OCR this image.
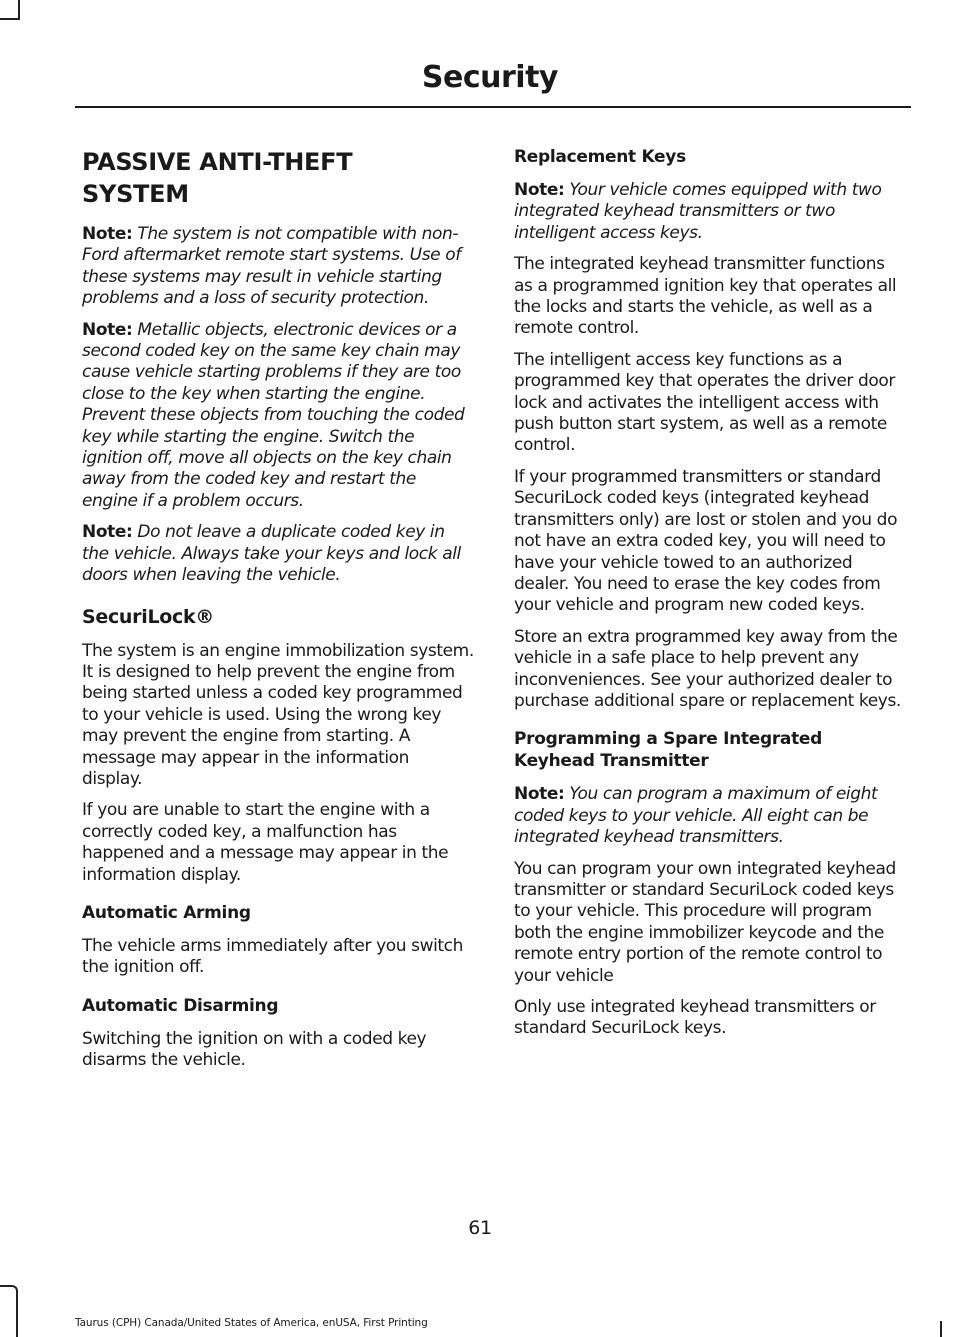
Security
PASSIVE ANTI-THEFT
SYSTEM

Note: The system is not compatible with non-Ford aftermarket remote start systems. Use of these systems may result in vehicle starting problems and a loss of security protection.

Note: Metallic objects, electronic devices or a second coded key on the same key chain may cause vehicle starting problems if they are too close to the key when starting the engine. Prevent these objects from touching the coded key while starting the engine. Switch the ignition off, move all objects on the key chain away from the coded key and restart the engine if a problem occurs.

Note: Do not leave a duplicate coded key in the vehicle. Always take your keys and lock all doors when leaving the vehicle.

SecuriLock®

The system is an engine immobilization system. It is designed to help prevent the engine from being started unless a coded key programmed to your vehicle is used. Using the wrong key may prevent the engine from starting. A message may appear in the information display.

If you are unable to start the engine with a correctly coded key, a malfunction has happened and a message may appear in the information display.

Automatic Arming

The vehicle arms immediately after you switch the ignition off.

Automatic Disarming

Switching the ignition on with a coded key disarms the vehicle.

Replacement Keys

Note: Your vehicle comes equipped with two integrated keyhead transmitters or two intelligent access keys.

The integrated keyhead transmitter functions as a programmed ignition key that operates all the locks and starts the vehicle, as well as a remote control.

The intelligent access key functions as a programmed key that operates the driver door lock and activates the intelligent access with push button start system, as well as a remote control.

If your programmed transmitters or standard SecuriLock coded keys (integrated keyhead transmitters only) are lost or stolen and you do not have an extra coded key, you will need to have your vehicle towed to an authorized dealer. You need to erase the key codes from your vehicle and program new coded keys.

Store an extra programmed key away from the vehicle in a safe place to help prevent any inconveniences. See your authorized dealer to purchase additional spare or replacement keys.

Programming a Spare Integrated
Keyhead Transmitter

Note: You can program a maximum of eight coded keys to your vehicle. All eight can be integrated keyhead transmitters.

You can program your own integrated keyhead transmitter or standard SecuriLock coded keys to your vehicle. This procedure will program both the engine immobilizer keycode and the remote entry portion of the remote control to your vehicle

Only use integrated keyhead transmitters or standard SecuriLock keys.

61

Taurus (CPH) Canada/United States of America, enUSA, First Printing
